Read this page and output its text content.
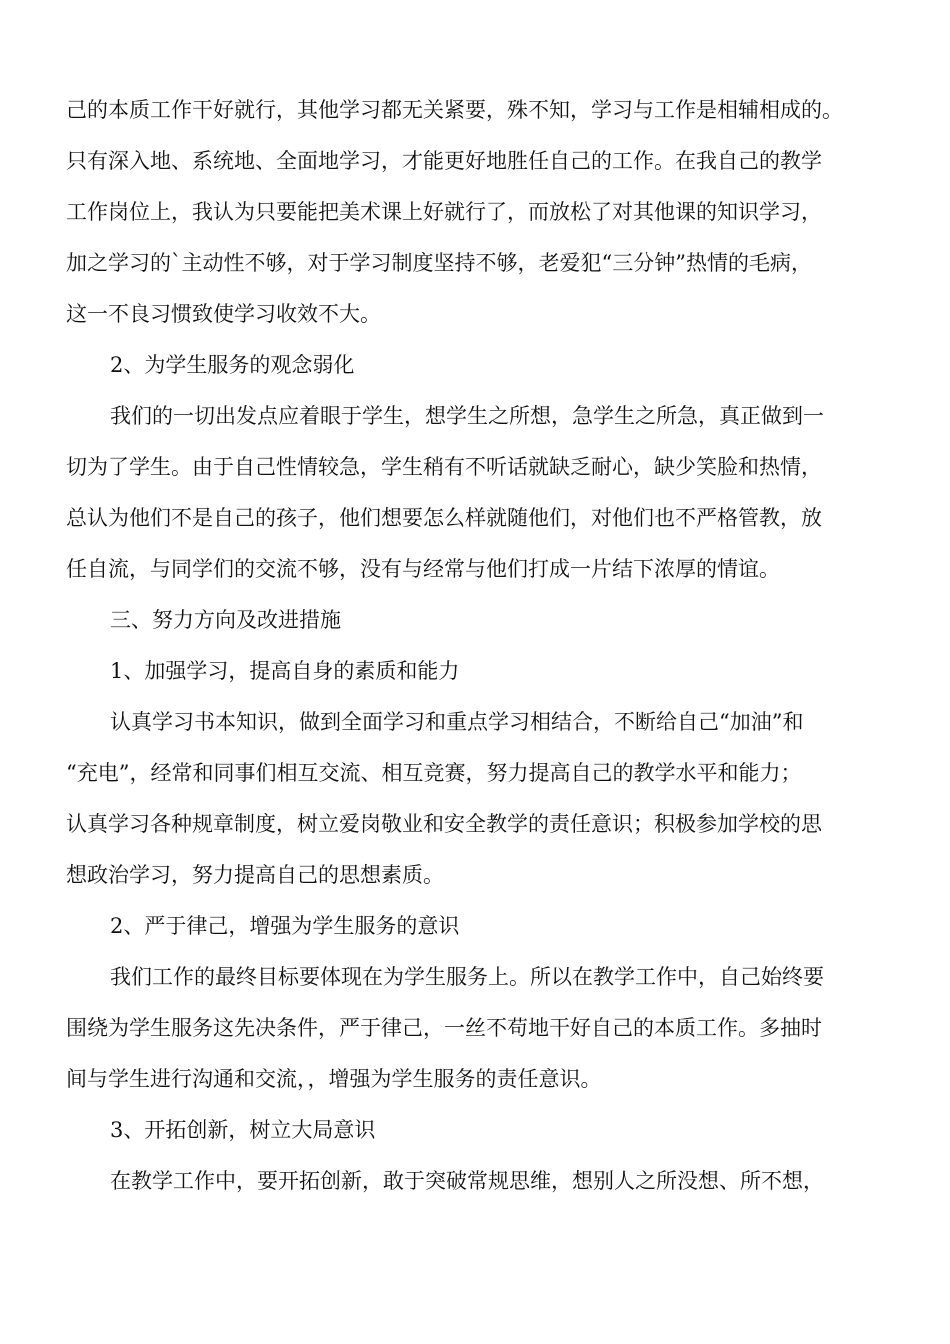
己的本质工作干好就行，其他学习都无关紧要，殊不知，学习与工作是相辅相成的。
只有深入地、系统地、全面地学习，才能更好地胜任自己的工作。在我自己的教学
工作岗位上，我认为只要能把美术课上好就行了，而放松了对其他课的知识学习，
加之学习的`主动性不够，对于学习制度坚持不够，老爱犯“三分钟”热情的毛病，
这一不良习惯致使学习收效不大。
2、为学生服务的观念弱化
我们的一切出发点应着眼于学生，想学生之所想，急学生之所急，真正做到一
切为了学生。由于自己性情较急，学生稍有不听话就缺乏耐心，缺少笑脸和热情，
总认为他们不是自己的孩子，他们想要怎么样就随他们，对他们也不严格管教，放
任自流，与同学们的交流不够，没有与经常与他们打成一片结下浓厚的情谊。
三、努力方向及改进措施
1、加强学习，提高自身的素质和能力
认真学习书本知识，做到全面学习和重点学习相结合，不断给自己“加油”和
“充电”，经常和同事们相互交流、相互竞赛，努力提高自己的教学水平和能力；
认真学习各种规章制度，树立爱岗敬业和安全教学的责任意识；积极参加学校的思
想政治学习，努力提高自己的思想素质。
2、严于律己，增强为学生服务的意识
我们工作的最终目标要体现在为学生服务上。所以在教学工作中，自己始终要
围绕为学生服务这先决条件，严于律己，一丝不苟地干好自己的本质工作。多抽时
间与学生进行沟通和交流，，增强为学生服务的责任意识。
3、开拓创新，树立大局意识
在教学工作中，要开拓创新，敢于突破常规思维，想别人之所没想、所不想，
